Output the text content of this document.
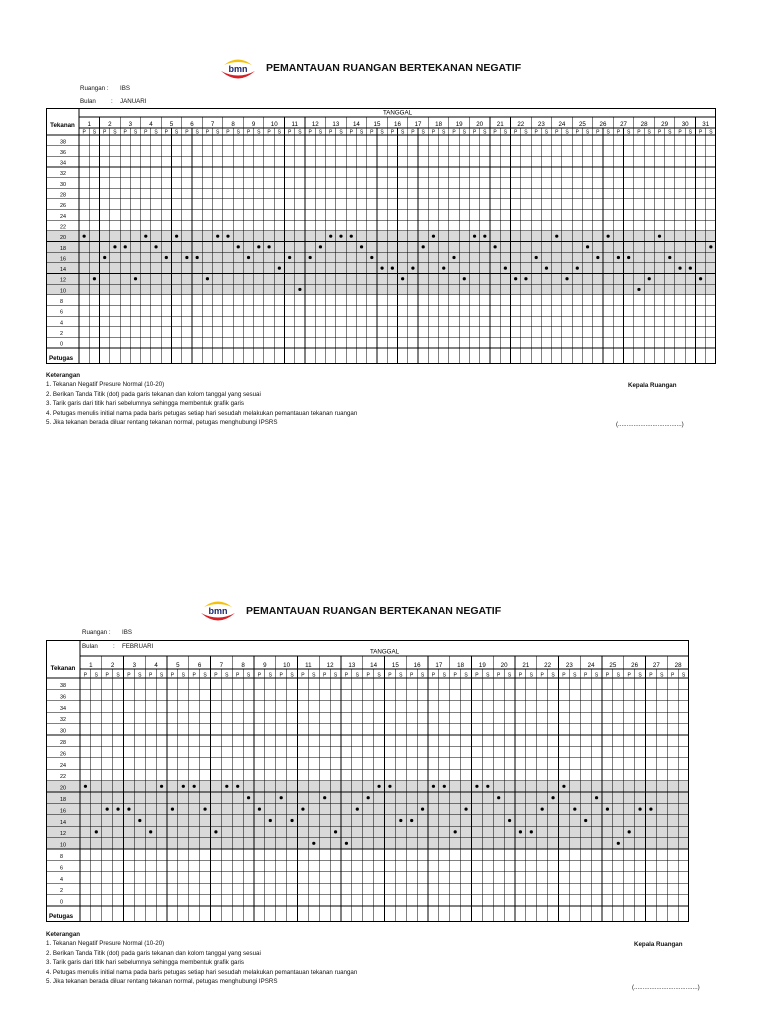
bmn PEMANTAUAN RUANGAN BERTEKANAN NEGATIF
Ruangan : IBS
Bulan : JANUARI
Tekanan
TANGGAL
1	2	3	4	5	6	7	8	9 10 11 12 13 14 15 16 17 18 19 20 21 22 23 24 25 26 27 28 29 30 31
P S P S P S P S P S P S P S P S P S P S P S P S P S P S P S P S P S P S P S P S P S P S P S P S P S P S P S P S P S P S P S
38
36
34
32
30
28
26
24
22
20
18
16
14
12
10
8
6
4
2
0
Petugas
Keterangan
1. Tekanan Negatif Presure Normal (10-20)
2. Berikan Tanda Titik (dot) pada garis tekanan dan kolom tanggal yang sesuai
3. Tarik garis dari titik hari sebelumnya sehingga membentuk grafik garis
4. Petugas menulis initial nama pada baris petugas setiap hari sesudah melakukan pemantauan tekanan ruangan
5. Jika tekanan berada diluar rentang tekanan normal, petugas menghubungi IPSRS
Kepala Ruangan
(.....................................)
bmn PEMANTAUAN RUANGAN BERTEKANAN NEGATIF
Ruangan : IBS
Bulan : FEBRUARI
Tekanan
TANGGAL
1	2	3	4	5	6	7	8	9	10 11 12 13 14 15 16 17 18 19 20 21 22 23 24 25 26 27 28
P S P S P S P S P S P S P S P S P S P S P S P S P S P S P S P S P S P S P S P S P S P S P S P S P S P S P S P S
38
36
34
32
30
28
26
24
22
20
18
16
14
12
10
8
6
4
2
0
Petugas
Keterangan
1. Tekanan Negatif Presure Normal (10-20)
2. Berikan Tanda Titik (dot) pada garis tekanan dan kolom tanggal yang sesuai
3. Tarik garis dari titik hari sebelumnya sehingga membentuk grafik garis
4. Petugas menulis initial nama pada baris petugas setiap hari sesudah melakukan pemantauan tekanan ruangan
5. Jika tekanan berada diluar rentang tekanan normal, petugas menghubungi IPSRS
Kepala Ruangan
(.....................................)
